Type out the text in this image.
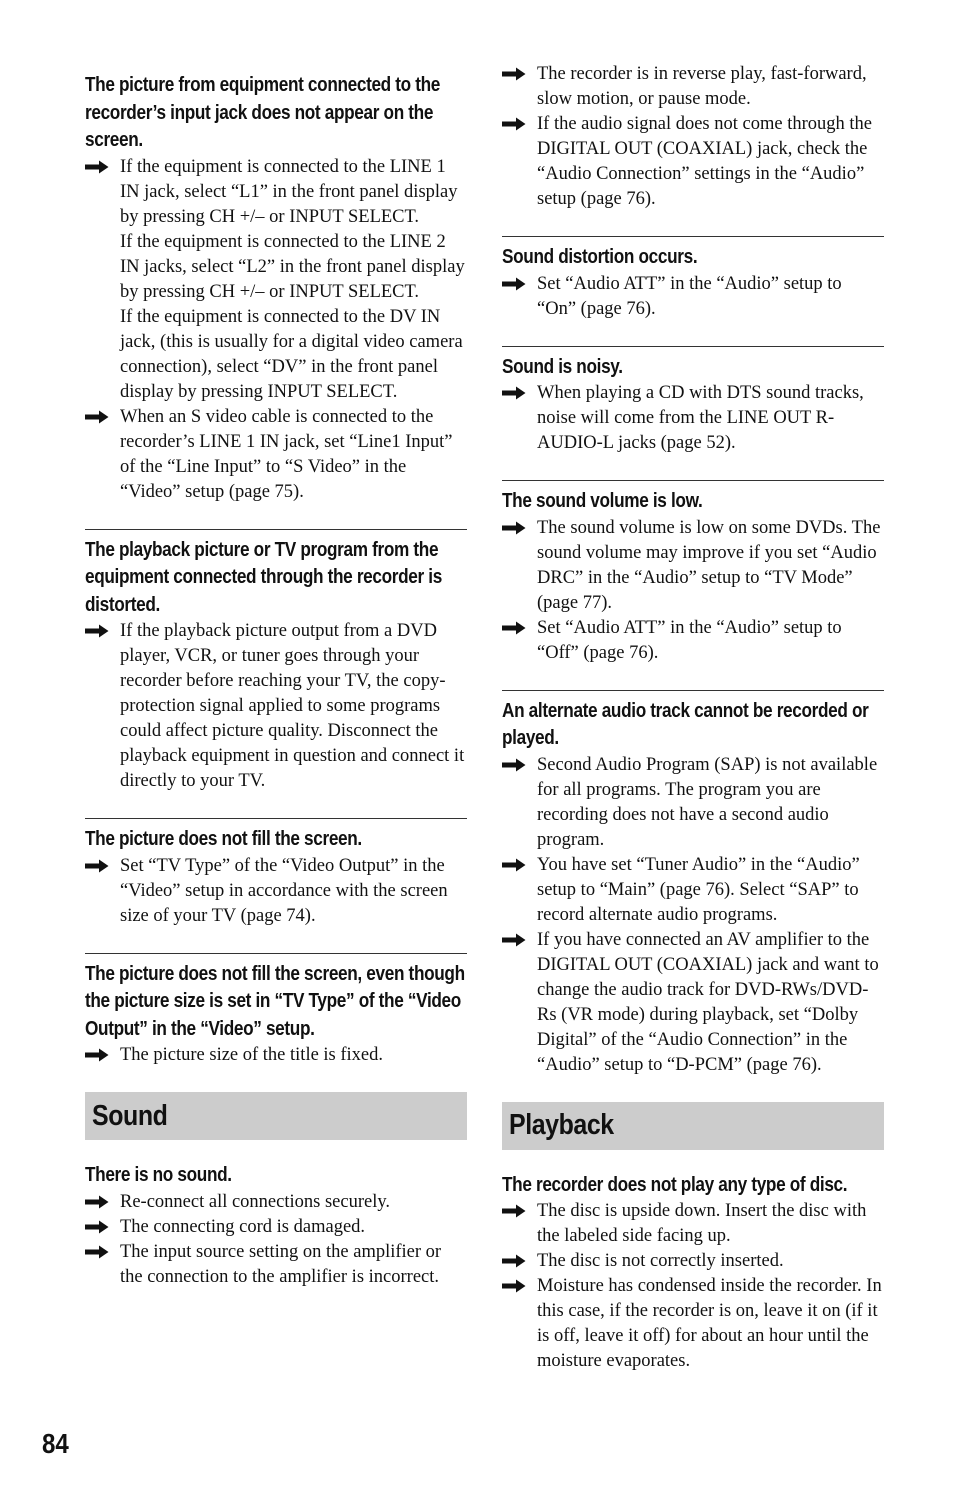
The picture from equipment connected to the recorder’s input jack does not appear on the screen.

If the equipment is connected to the LINE 1 IN jack, select “L1” in the front panel display by pressing CH +/– or INPUT SELECT.

If the equipment is connected to the LINE 2 IN jacks, select “L2” in the front panel display by pressing CH +/– or INPUT SELECT.

If the equipment is connected to the DV IN jack, (this is usually for a digital video camera connection), select “DV” in the front panel display by pressing INPUT SELECT.

When an S video cable is connected to the recorder’s LINE 1 IN jack, set “Line1 Input” of the “Line Input” to “S Video” in the “Video” setup (page 75).

The playback picture or TV program from the equipment connected through the recorder is distorted.

If the playback picture output from a DVD player, VCR, or tuner goes through your recorder before reaching your TV, the copy-protection signal applied to some programs could affect picture quality. Disconnect the playback equipment in question and connect it directly to your TV.

The picture does not fill the screen.

Set “TV Type” of the “Video Output” in the “Video” setup in accordance with the screen size of your TV (page 74).

The picture does not fill the screen, even though the picture size is set in “TV Type” of the “Video Output” in the “Video” setup.

The picture size of the title is fixed.

Sound
There is no sound.

Re-connect all connections securely.

The connecting cord is damaged.

The input source setting on the amplifier or the connection to the amplifier is incorrect.

The recorder is in reverse play, fast-forward, slow motion, or pause mode.

If the audio signal does not come through the DIGITAL OUT (COAXIAL) jack, check the “Audio Connection” settings in the “Audio” setup (page 76).

Sound distortion occurs.

Set “Audio ATT” in the “Audio” setup to “On” (page 76).

Sound is noisy.

When playing a CD with DTS sound tracks, noise will come from the LINE OUT R-AUDIO-L jacks (page 52).

The sound volume is low.

The sound volume is low on some DVDs. The sound volume may improve if you set “Audio DRC” in the “Audio” setup to “TV Mode” (page 77).

Set “Audio ATT” in the “Audio” setup to “Off” (page 76).

An alternate audio track cannot be recorded or played.

Second Audio Program (SAP) is not available for all programs. The program you are recording does not have a second audio program.

You have set “Tuner Audio” in the “Audio” setup to “Main” (page 76). Select “SAP” to record alternate audio programs.

If you have connected an AV amplifier to the DIGITAL OUT (COAXIAL) jack and want to change the audio track for DVD-RWs/DVD-Rs (VR mode) during playback, set “Dolby Digital” of the “Audio Connection” in the “Audio” setup to “D-PCM” (page 76).

Playback
The recorder does not play any type of disc.

The disc is upside down. Insert the disc with the labeled side facing up.

The disc is not correctly inserted.

Moisture has condensed inside the recorder. In this case, if the recorder is on, leave it on (if it is off, leave it off) for about an hour until the moisture evaporates.

84
